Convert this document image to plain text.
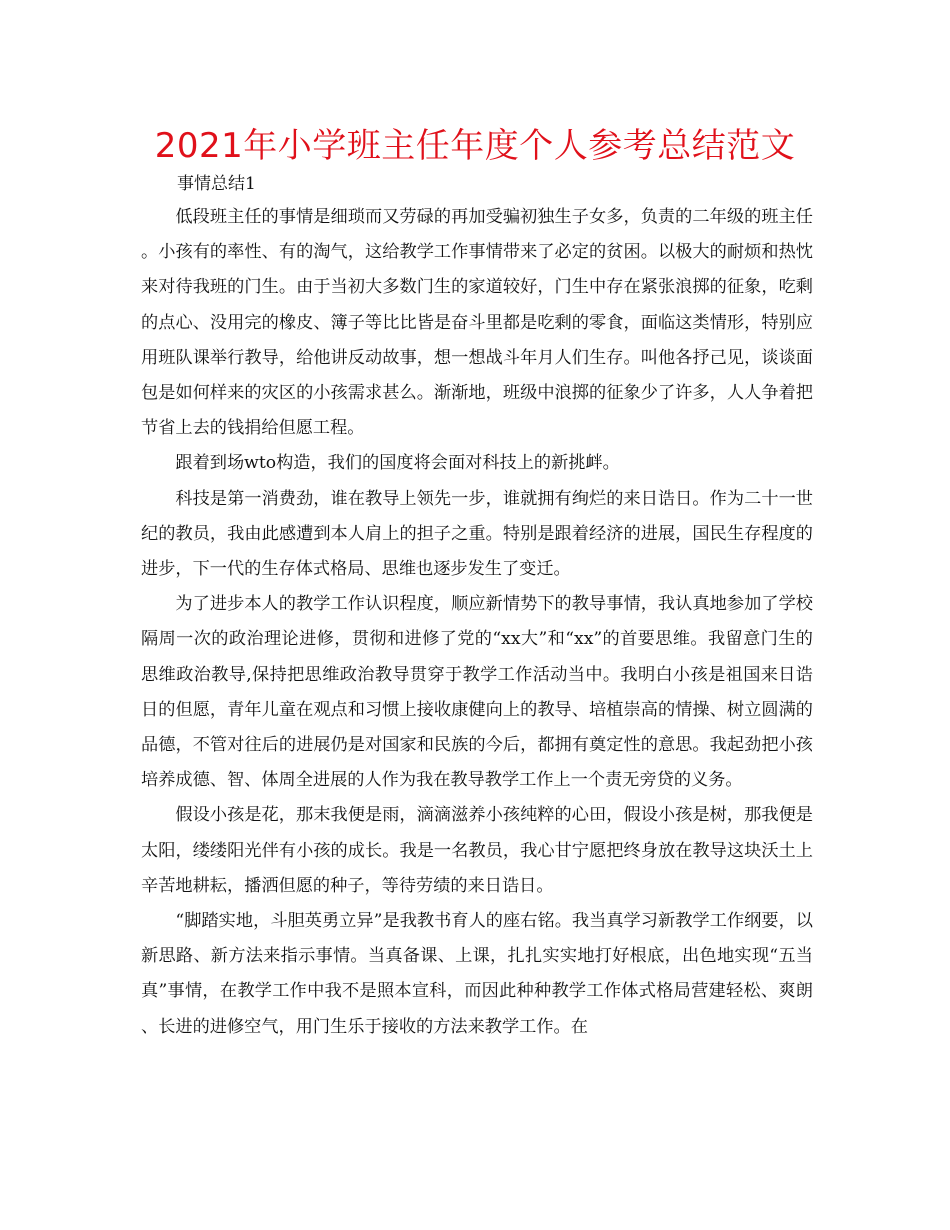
2021年小学班主任年度个人参考总结范文
事情总结1

低段班主任的事情是细琐而又劳碌的再加受骗初独生子女多，负责的二年级的班主任。小孩有的率性、有的淘气，这给教学工作事情带来了必定的贫困。以极大的耐烦和热忱来对待我班的门生。由于当初大多数门生的家道较好，门生中存在紧张浪掷的征象，吃剩的点心、没用完的橡皮、簿子等比比皆是奋斗里都是吃剩的零食，面临这类情形，特别应用班队课举行教导，给他讲反动故事，想一想战斗年月人们生存。叫他各抒己见，谈谈面包是如何样来的灾区的小孩需求甚么。渐渐地，班级中浪掷的征象少了许多，人人争着把节省上去的钱捐给但愿工程。

跟着到场wto构造，我们的国度将会面对科技上的新挑衅。

科技是第一消费劲，谁在教导上领先一步，谁就拥有绚烂的来日诰日。作为二十一世纪的教员，我由此感遭到本人肩上的担子之重。特别是跟着经济的进展，国民生存程度的进步，下一代的生存体式格局、思维也逐步发生了变迁。

为了进步本人的教学工作认识程度，顺应新情势下的教导事情，我认真地参加了学校隔周一次的政治理论进修，贯彻和进修了党的“xx大”和“xx”的首要思维。我留意门生的思维政治教导,保持把思维政治教导贯穿于教学工作活动当中。我明白小孩是祖国来日诰日的但愿，青年儿童在观点和习惯上接收康健向上的教导、培植崇高的情操、树立圆满的品德，不管对往后的进展仍是对国家和民族的今后，都拥有奠定性的意思。我起劲把小孩培养成德、智、体周全进展的人作为我在教导教学工作上一个责无旁贷的义务。

假设小孩是花，那末我便是雨，滴滴滋养小孩纯粹的心田，假设小孩是树，那我便是太阳，缕缕阳光伴有小孩的成长。我是一名教员，我心甘宁愿把终身放在教导这块沃土上辛苦地耕耘，播洒但愿的种子，等待劳绩的来日诰日。

“脚踏实地，斗胆英勇立异”是我教书育人的座右铭。我当真学习新教学工作纲要，以新思路、新方法来指示事情。当真备课、上课，扎扎实实地打好根底，出色地实现“五当真”事情，在教学工作中我不是照本宣科，而因此种种教学工作体式格局营建轻松、爽朗、长进的进修空气，用门生乐于接收的方法来教学工作。在
